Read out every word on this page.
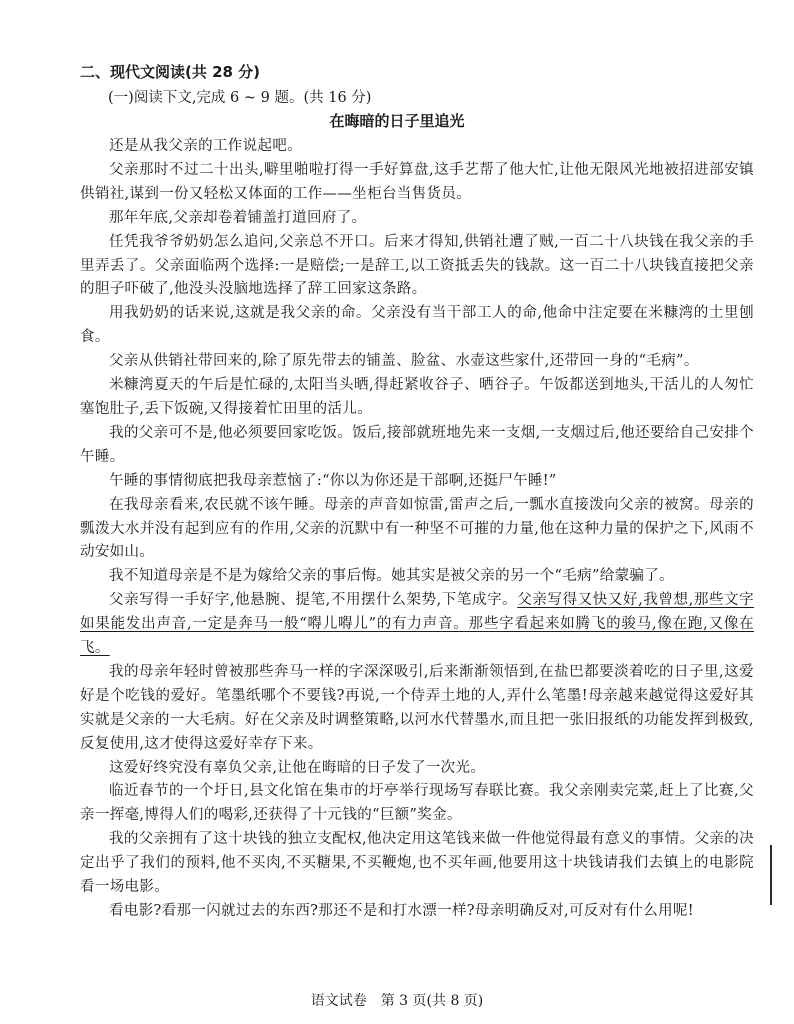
二、现代文阅读(共 28 分)
(一)阅读下文,完成 6 ~ 9 题。(共 16 分)
在晦暗的日子里追光

还是从我父亲的工作说起吧。

父亲那时不过二十出头,噼里啪啦打得一手好算盘,这手艺帮了他大忙,让他无限风光地被招进部安镇供销社,谋到一份又轻松又体面的工作——坐柜台当售货员。

那年年底,父亲却卷着铺盖打道回府了。

任凭我爷爷奶奶怎么追问,父亲总不开口。后来才得知,供销社遭了贼,一百二十八块钱在我父亲的手里弄丢了。父亲面临两个选择:一是赔偿;一是辞工,以工资抵丢失的钱款。这一百二十八块钱直接把父亲的胆子吓破了,他没头没脑地选择了辞工回家这条路。

用我奶奶的话来说,这就是我父亲的命。父亲没有当干部工人的命,他命中注定要在米糠湾的土里刨食。

父亲从供销社带回来的,除了原先带去的铺盖、脸盆、水壶这些家什,还带回一身的“毛病”。

米糠湾夏天的午后是忙碌的,太阳当头晒,得赶紧收谷子、晒谷子。午饭都送到地头,干活儿的人匆忙塞饱肚子,丢下饭碗,又得接着忙田里的活儿。

我的父亲可不是,他必须要回家吃饭。饭后,接部就班地先来一支烟,一支烟过后,他还要给自己安排个午睡。

午睡的事情彻底把我母亲惹恼了:“你以为你还是干部啊,还挺尸午睡!”

在我母亲看来,农民就不该午睡。母亲的声音如惊雷,雷声之后,一瓢水直接泼向父亲的被窝。母亲的瓢泼大水并没有起到应有的作用,父亲的沉默中有一种坚不可摧的力量,他在这种力量的保护之下,风雨不动安如山。

我不知道母亲是不是为嫁给父亲的事后悔。她其实是被父亲的另一个“毛病”给蒙骗了。

父亲写得一手好字,他悬腕、提笔,不用摆什么架势,下笔成字。父亲写得又快又好,我曾想,那些文字如果能发出声音,一定是奔马一般“嘚儿嘚儿”的有力声音。那些字看起来如腾飞的骏马,像在跑,又像在飞。

我的母亲年轻时曾被那些奔马一样的字深深吸引,后来渐渐领悟到,在盐巴都要淡着吃的日子里,这爱好是个吃钱的爱好。笔墨纸哪个不要钱?再说,一个侍弄土地的人,弄什么笔墨!母亲越来越觉得这爱好其实就是父亲的一大毛病。好在父亲及时调整策略,以河水代替墨水,而且把一张旧报纸的功能发挥到极致,反复使用,这才使得这爱好幸存下来。

这爱好终究没有辜负父亲,让他在晦暗的日子发了一次光。

临近春节的一个圩日,县文化馆在集市的圩亭举行现场写春联比赛。我父亲刚卖完菜,赶上了比赛,父亲一挥毫,博得人们的喝彩,还获得了十元钱的“巨额”奖金。

我的父亲拥有了这十块钱的独立支配权,他决定用这笔钱来做一件他觉得最有意义的事情。父亲的决定出乎了我们的预料,他不买肉,不买糖果,不买鞭炮,也不买年画,他要用这十块钱请我们去镇上的电影院看一场电影。

看电影?看那一闪就过去的东西?那还不是和打水漂一样?母亲明确反对,可反对有什么用呢!

语文试卷　第 3 页(共 8 页)
